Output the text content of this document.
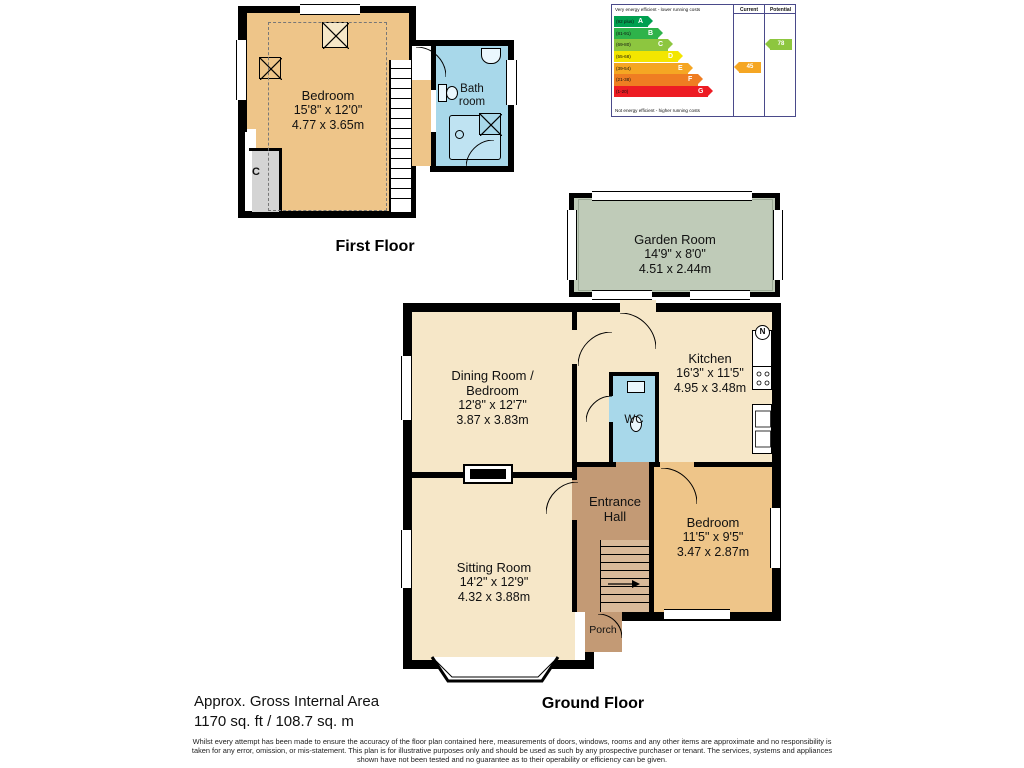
Very energy efficient - lower running costs
(92 plus) A
(81-91) B
(69-80)	C
(55-68)	D
(39-54)	E
(21-38)	F
(1-20)	G
Not energy efficient - higher running costs
Current
45
Potential
78
First Floor
Bedroom
15'8" x 12'0"
4.77 x 3.65m
Bath
room
C
Garden Room
14'9" x 8'0"
4.51 x 2.44m
N
Dining Room /
Bedroom
12'8" x 12'7"
3.87 x 3.83m
Kitchen
16'3" x 11'5"
4.95 x 3.48m
WC
Entrance
Hall	Bedroom
11'5" x 9'5"
3.47 x 2.87m
Sitting Room
14'2" x 12'9"
4.32 x 3.88m
Porch
Ground Floor
Approx. Gross Internal Area
1170 sq. ft / 108.7 sq. m
Whilst every attempt has been made to ensure the accuracy of the floor plan contained here, measurements of doors, windows, rooms and any other items are approximate and no responsibility is
taken for any error, omission, or mis-statement. This plan is for illustrative purposes only and should be used as such by any prospective purchaser or tenant. The services, systems and appliances
shown have not been tested and no guarantee as to their operability or efficiency can be given.
